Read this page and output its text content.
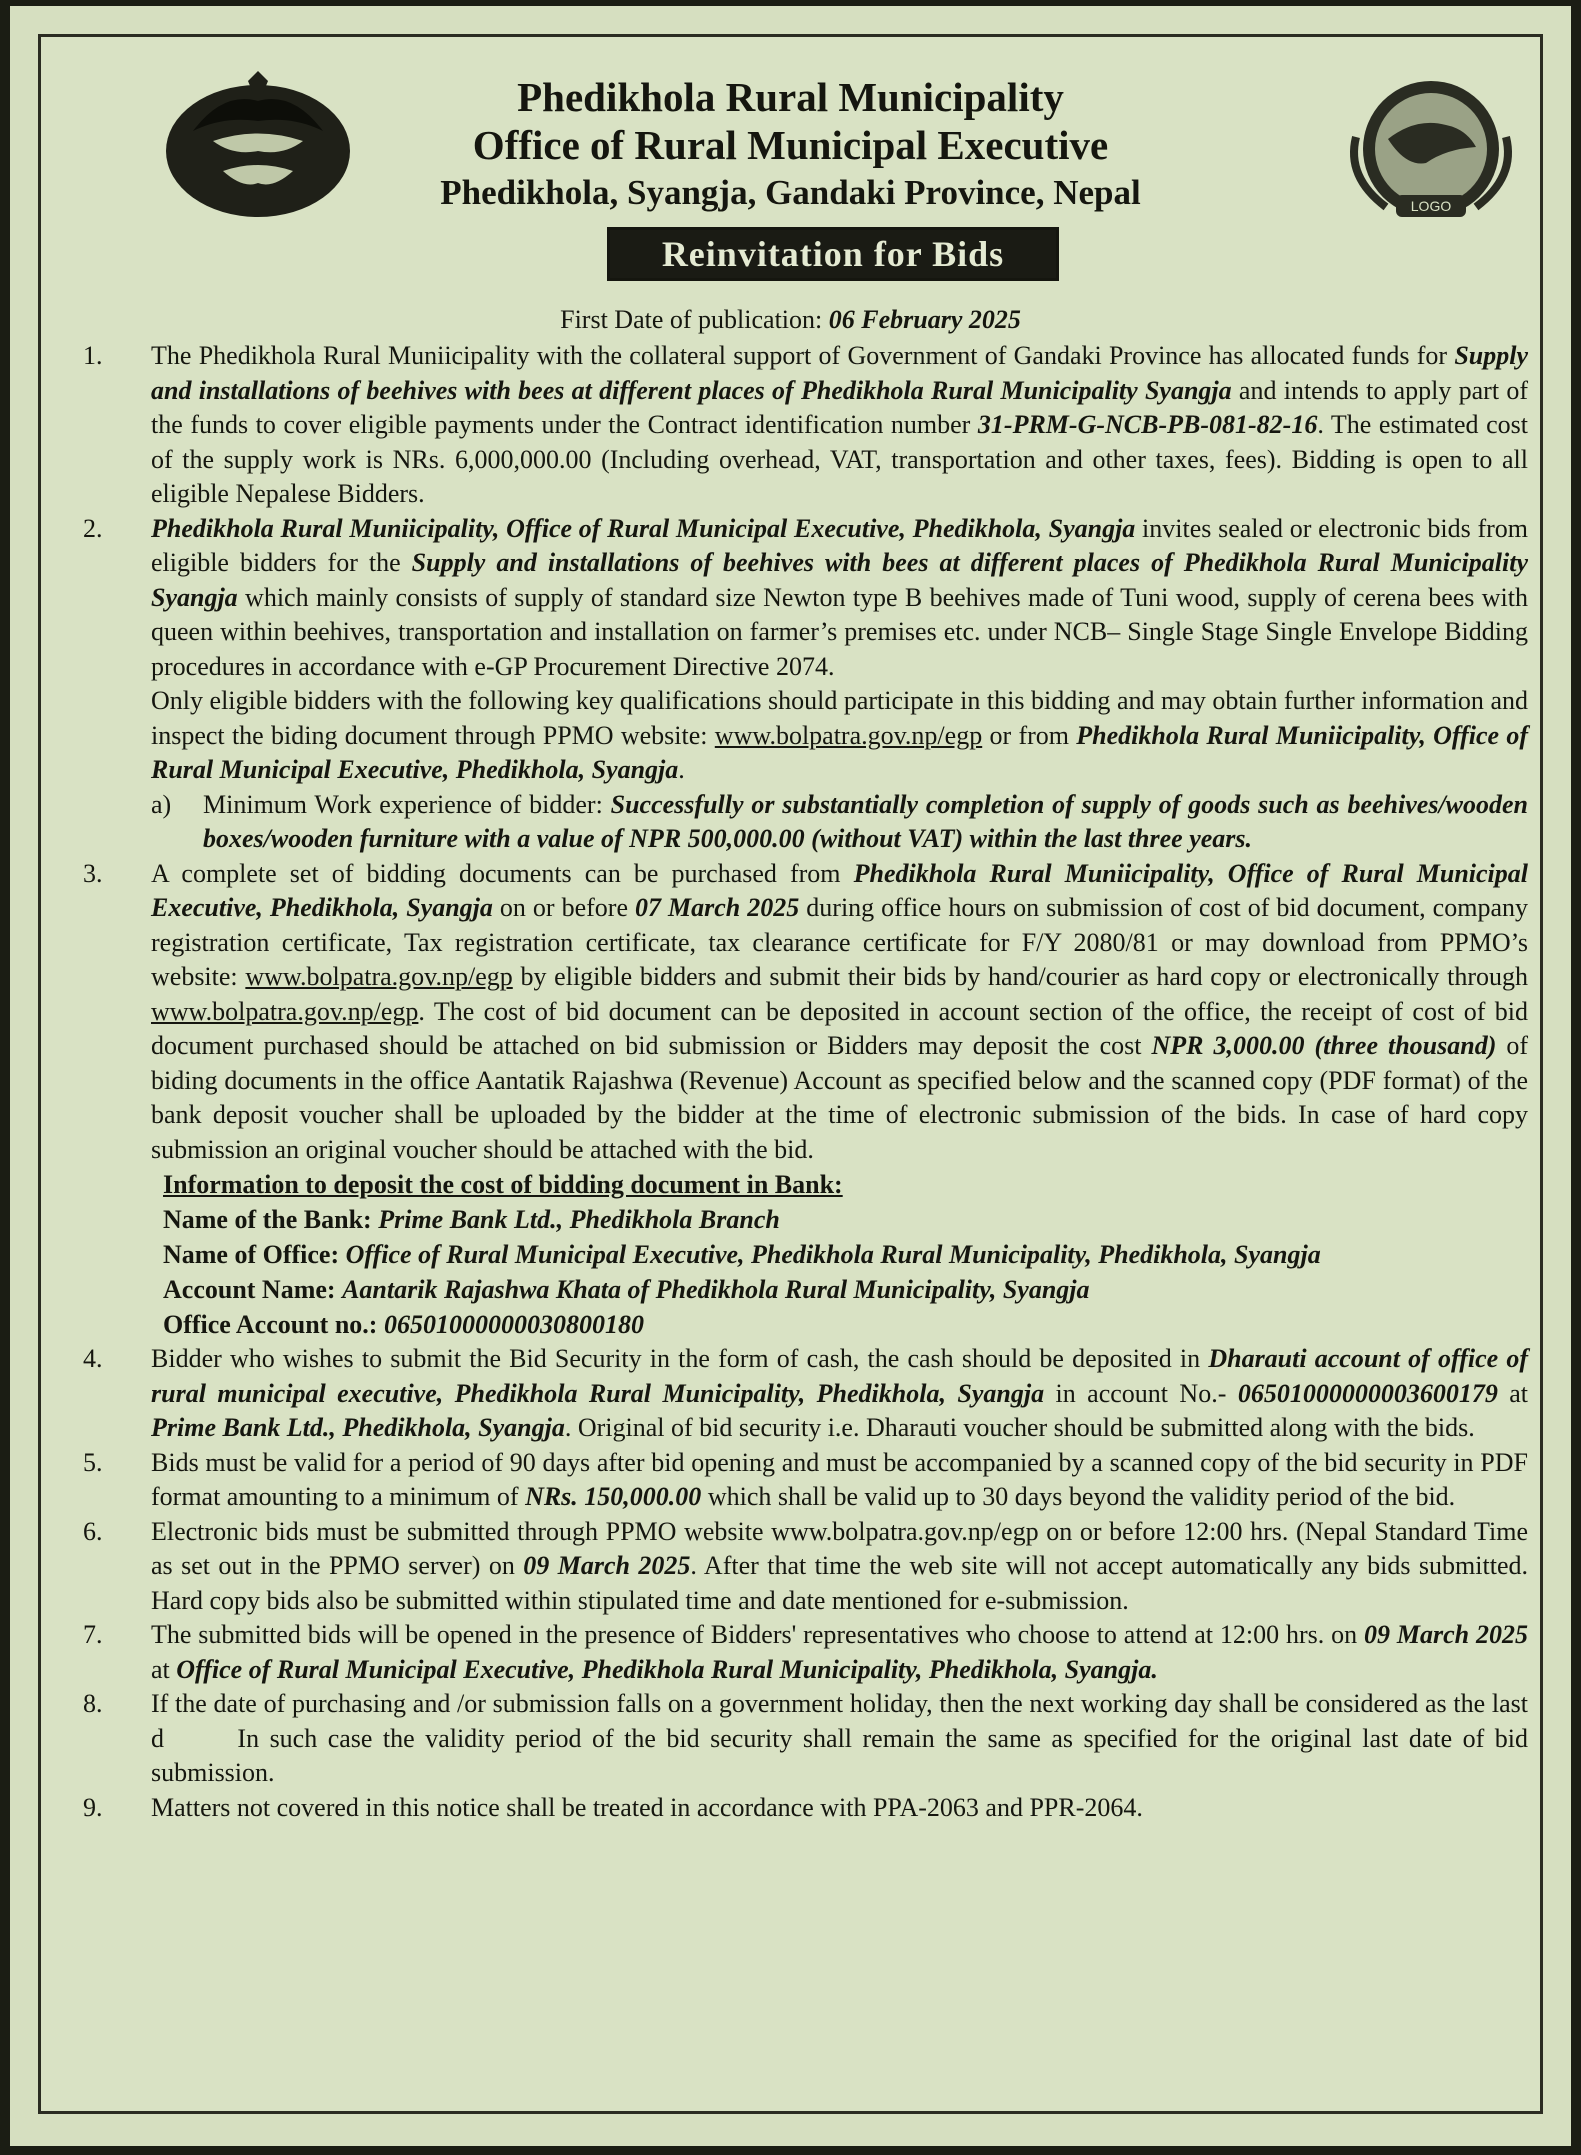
LOGO
Phedikhola Rural Municipality
Office of Rural Municipal Executive
Phedikhola, Syangja, Gandaki Province, Nepal
Reinvitation for Bids
First Date of publication: 06 February 2025
1.	The Phedikhola Rural Muniicipality with the collateral support of Government of Gandaki Province has allocated funds for Supply and installations of beehives with bees at different places of Phedikhola Rural Municipality Syangja and intends to apply part of the funds to cover eligible payments under the Contract identification number 31-PRM-G-NCB-PB-081-82-16. The estimated cost of the supply work is NRs. 6,000,000.00 (Including overhead, VAT, transportation and other taxes, fees). Bidding is open to all eligible Nepalese Bidders.
2.	Phedikhola Rural Muniicipality, Office of Rural Municipal Executive, Phedikhola, Syangja invites sealed or electronic bids from eligible bidders for the Supply and installations of beehives with bees at different places of Phedikhola Rural Municipality Syangja which mainly consists of supply of standard size Newton type B beehives made of Tuni wood, supply of cerena bees with queen within beehives, transportation and installation on farmer’s premises etc. under NCB– Single Stage Single Envelope Bidding procedures in accordance with e-GP Procurement Directive 2074.
Only eligible bidders with the following key qualifications should participate in this bidding and may obtain further information and inspect the biding document through PPMO website: www.bolpatra.gov.np/egp or from Phedikhola Rural Muniicipality, Office of Rural Municipal Executive, Phedikhola, Syangja.
a) Minimum Work experience of bidder: Successfully or substantially completion of supply of goods such as beehives/wooden boxes/wooden furniture with a value of NPR 500,000.00 (without VAT) within the last three years.
3.	A complete set of bidding documents can be purchased from Phedikhola Rural Muniicipality, Office of Rural Municipal Executive, Phedikhola, Syangja on or before 07 March 2025 during office hours on submission of cost of bid document, company registration certificate, Tax registration certificate, tax clearance certificate for F/Y 2080/81 or may download from PPMO’s website: www.bolpatra.gov.np/egp by eligible bidders and submit their bids by hand/courier as hard copy or electronically through www.bolpatra.gov.np/egp. The cost of bid document can be deposited in account section of the office, the receipt of cost of bid document purchased should be attached on bid submission or Bidders may deposit the cost NPR 3,000.00 (three thousand) of biding documents in the office Aantatik Rajashwa (Revenue) Account as specified below and the scanned copy (PDF format) of the bank deposit voucher shall be uploaded by the bidder at the time of electronic submission of the bids. In case of hard copy submission an original voucher should be attached with the bid.
Information to deposit the cost of bidding document in Bank:
Name of the Bank: Prime Bank Ltd., Phedikhola Branch
Name of Office: Office of Rural Municipal Executive, Phedikhola Rural Municipality, Phedikhola, Syangja
Account Name: Aantarik Rajashwa Khata of Phedikhola Rural Municipality, Syangja
Office Account no.: 06501000000030800180
4.	Bidder who wishes to submit the Bid Security in the form of cash, the cash should be deposited in Dharauti account of office of rural municipal executive, Phedikhola Rural Municipality, Phedikhola, Syangja in account No.- 06501000000003600179 at Prime Bank Ltd., Phedikhola, Syangja. Original of bid security i.e. Dharauti voucher should be submitted along with the bids.
5.	Bids must be valid for a period of 90 days after bid opening and must be accompanied by a scanned copy of the bid security in PDF format amounting to a minimum of NRs. 150,000.00 which shall be valid up to 30 days beyond the validity period of the bid.
6.	Electronic bids must be submitted through PPMO website www.bolpatra.gov.np/egp on or before 12:00 hrs. (Nepal Standard Time as set out in the PPMO server) on 09 March 2025. After that time the web site will not accept automatically any bids submitted. Hard copy bids also be submitted within stipulated time and date mentioned for e-submission.
7.	The submitted bids will be opened in the presence of Bidders' representatives who choose to attend at 12:00 hrs. on 09 March 2025 at Office of Rural Municipal Executive, Phedikhola Rural Municipality, Phedikhola, Syangja.
8.	If the date of purchasing and /or submission falls on a government holiday, then the next working day shall be considered as the last d       In such case the validity period of the bid security shall remain the same as specified for the original last date of bid submission.
9.	Matters not covered in this notice shall be treated in accordance with PPA-2063 and PPR-2064.
